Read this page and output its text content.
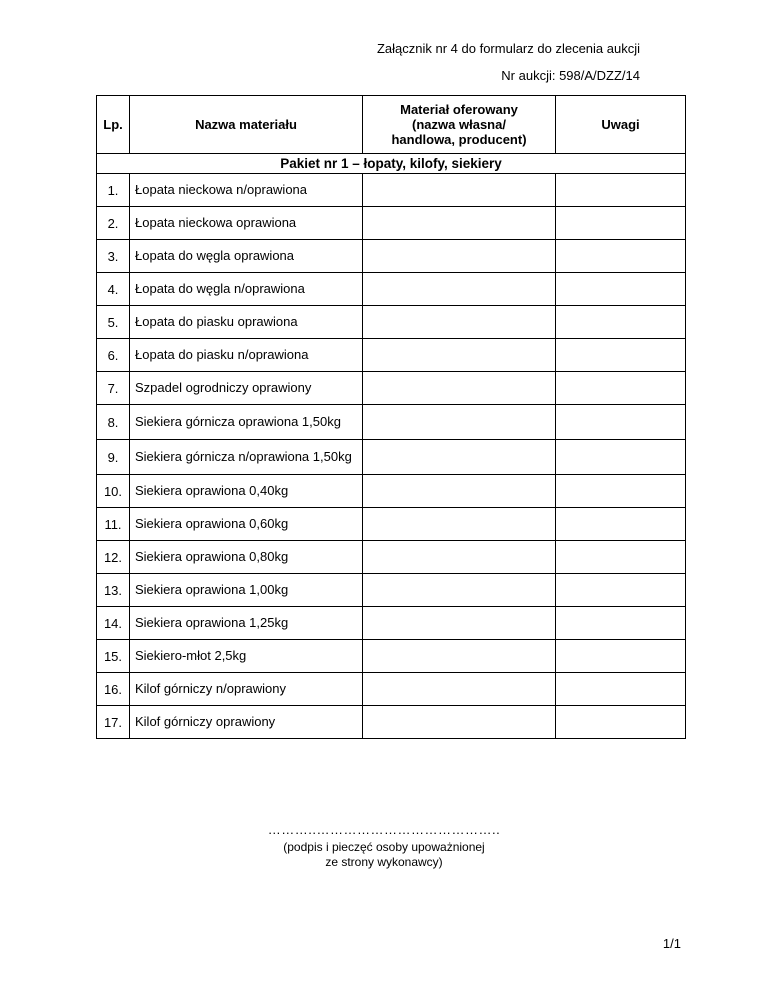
Załącznik nr 4 do formularz do zlecenia aukcji
Nr aukcji: 598/A/DZZ/14
Lp.	Nazwa materiału	Materiał oferowany
(nazwa własna/
handlowa, producent)	Uwagi
Pakiet nr 1 – łopaty, kilofy, siekiery			
1.	Łopata nieckowa n/oprawiona		
2.	Łopata nieckowa oprawiona		
3.	Łopata do węgla oprawiona		
4.	Łopata do węgla n/oprawiona		
5.	Łopata do piasku oprawiona		
6.	Łopata do piasku n/oprawiona		
7.	Szpadel ogrodniczy oprawiony		
8.	Siekiera górnicza oprawiona 1,50kg		
9.	Siekiera górnicza n/oprawiona 1,50kg		
10.	Siekiera oprawiona 0,40kg		
11.	Siekiera oprawiona 0,60kg		
12.	Siekiera oprawiona 0,80kg		
13.	Siekiera oprawiona 1,00kg		
14.	Siekiera oprawiona 1,25kg		
15.	Siekiero-młot 2,5kg		
16.	Kilof górniczy n/oprawiony		
17.	Kilof górniczy oprawiony		
………..…………………………………..
(podpis i pieczęć osoby upoważnionej
ze strony wykonawcy)
1/1
